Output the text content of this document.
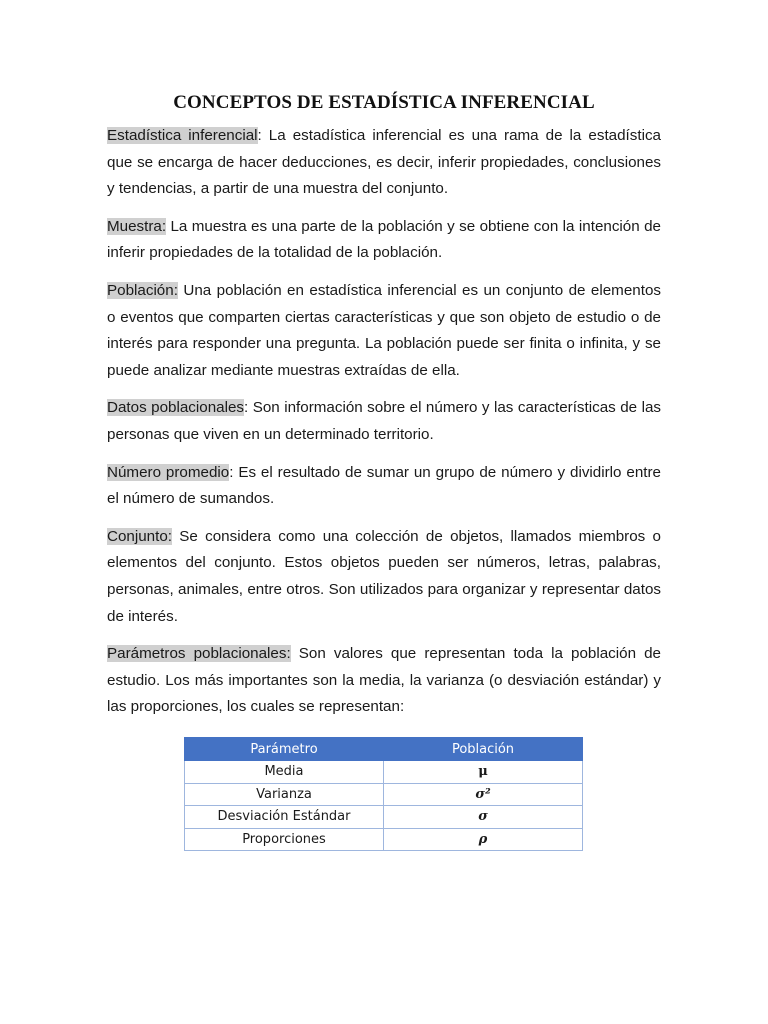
CONCEPTOS DE ESTADÍSTICA INFERENCIAL

Estadística inferencial: La estadística inferencial es una rama de la estadística que se encarga de hacer deducciones, es decir, inferir propiedades, conclusiones y tendencias, a partir de una muestra del conjunto.

Muestra: La muestra es una parte de la población y se obtiene con la intención de inferir propiedades de la totalidad de la población.

Población: Una población en estadística inferencial es un conjunto de elementos o eventos que comparten ciertas características y que son objeto de estudio o de interés para responder una pregunta. La población puede ser finita o infinita, y se puede analizar mediante muestras extraídas de ella.

Datos poblacionales: Son información sobre el número y las características de las personas que viven en un determinado territorio.

Número promedio: Es el resultado de sumar un grupo de número y dividirlo entre el número de sumandos.

Conjunto: Se considera como una colección de objetos, llamados miembros o elementos del conjunto. Estos objetos pueden ser números, letras, palabras, personas, animales, entre otros. Son utilizados para organizar y representar datos de interés.

Parámetros poblacionales: Son valores que representan toda la población de estudio. Los más importantes son la media, la varianza (o desviación estándar) y las proporciones, los cuales se representan:

Parámetro	Población
Media	μ
Varianza	σ²
Desviación Estándar	σ
Proporciones	ρ
